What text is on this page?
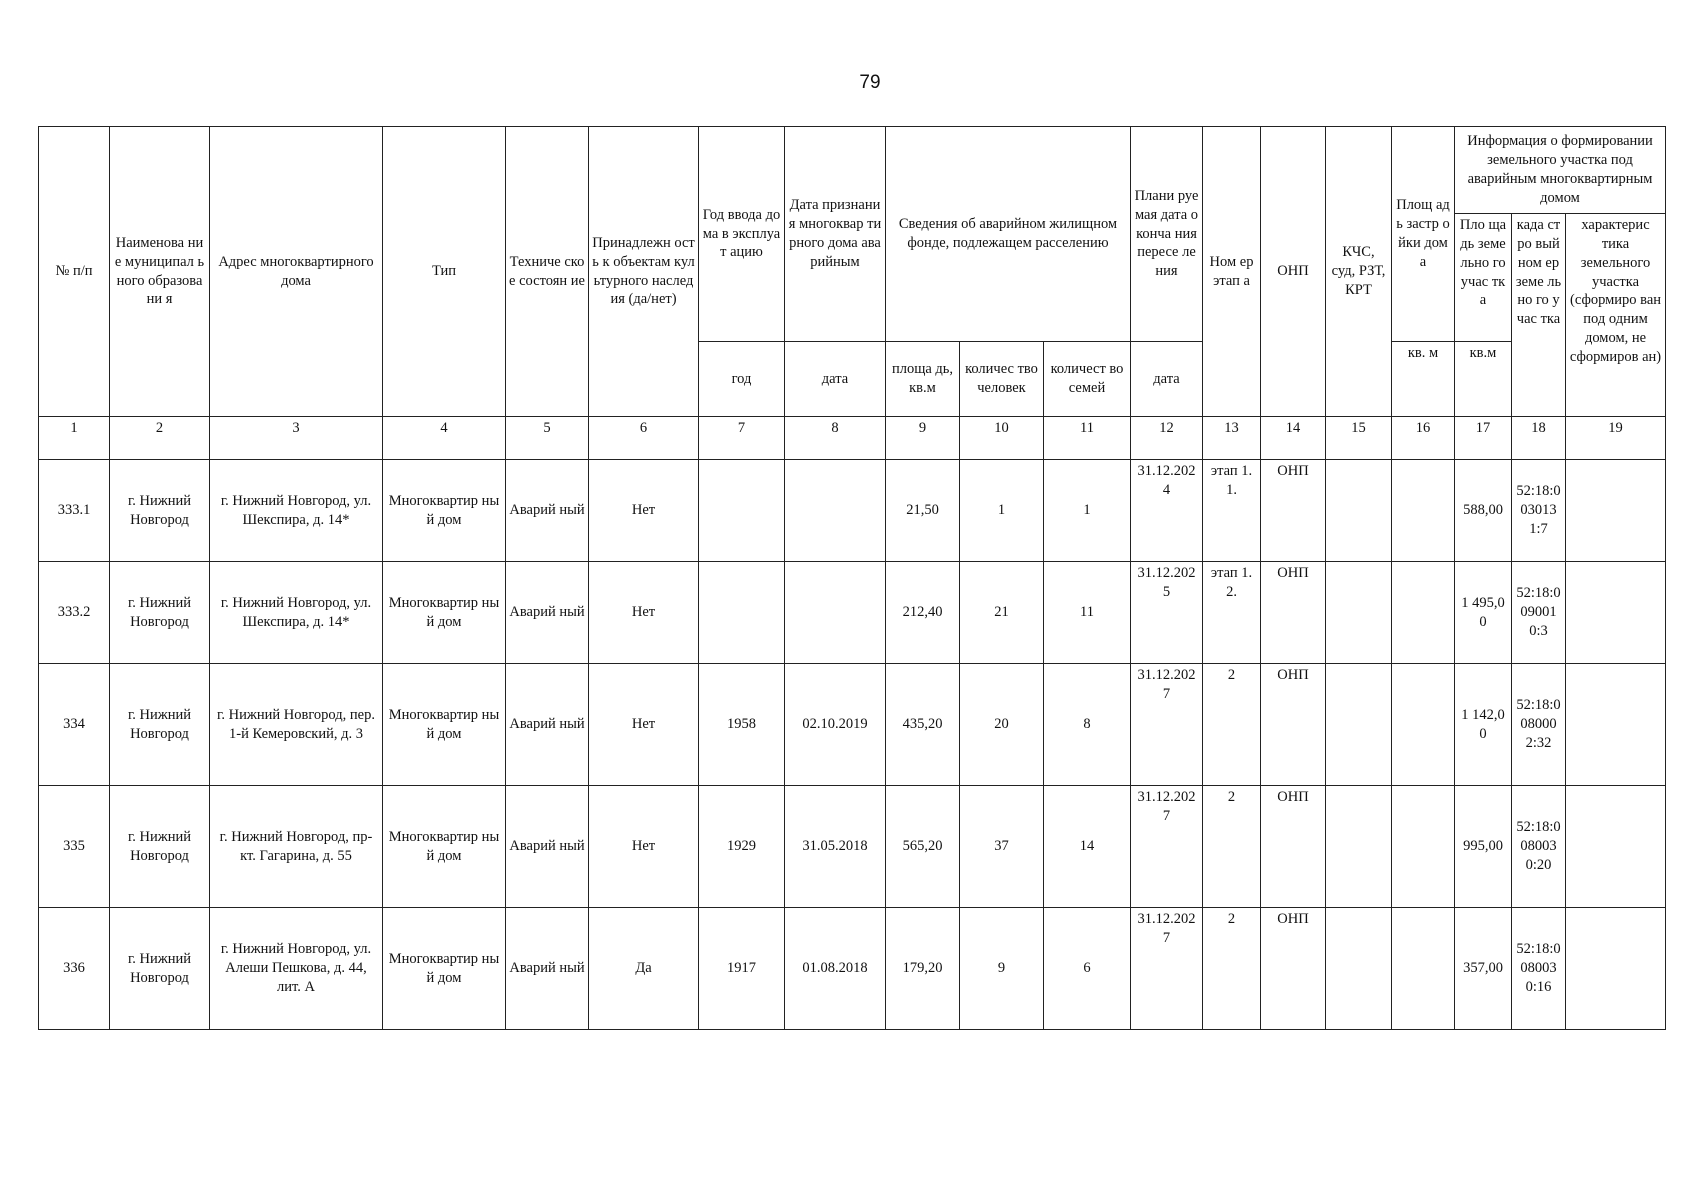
79
№ п/п	Наименова ние муниципал ьного образовани я	Адрес многоквартирного дома	Тип	Техниче ское состоян ие	Принадлежн ость к объектам культурного наследия (да/нет)	Год ввода дома в эксплуат ацию	Дата признания многоквар тирного дома аварийным	Сведения об аварийном жилищном фонде, подлежащем расселению			Плани руемая дата оконча ния пересе ления	Ном ер этап а	ОНП	КЧС, суд, РЗТ, КРТ	Площ адь застр ойки дома	Информация о формировании земельного участка под аварийным многоквартирным домом		
																Пло щадь земе льно го учас тка	када стро вый ном ер земе льно го учас тка	характерис тика земельного участка (сформиро ван под одним домом, не сформиров ан)
						год	дата	площа дь, кв.м	количес тво человек	количест во семей	дата				кв. м	кв.м		
1	2	3	4	5	6	7	8	9	10	11	12	13	14	15	16	17	18	19
333.1	г. Нижний Новгород	г. Нижний Новгород, ул. Шекспира, д. 14*	Многоквартир ный дом	Аварий ный	Нет			21,50	1	1	31.12.2024	этап 1.1.	ОНП			588,00	52:18:0030131:7	
333.2	г. Нижний Новгород	г. Нижний Новгород, ул. Шекспира, д. 14*	Многоквартир ный дом	Аварий ный	Нет			212,40	21	11	31.12.2025	этап 1.2.	ОНП			1 495,00	52:18:0090010:3	
334	г. Нижний Новгород	г. Нижний Новгород, пер. 1-й Кемеровский, д. 3	Многоквартир ный дом	Аварий ный	Нет	1958	02.10.2019	435,20	20	8	31.12.2027	2	ОНП			1 142,00	52:18:0080002:32	
335	г. Нижний Новгород	г. Нижний Новгород, пр-кт. Гагарина, д. 55	Многоквартир ный дом	Аварий ный	Нет	1929	31.05.2018	565,20	37	14	31.12.2027	2	ОНП			995,00	52:18:0080030:20	
336	г. Нижний Новгород	г. Нижний Новгород, ул. Алеши Пешкова, д. 44, лит. А	Многоквартир ный дом	Аварий ный	Да	1917	01.08.2018	179,20	9	6	31.12.2027	2	ОНП			357,00	52:18:0080030:16	
